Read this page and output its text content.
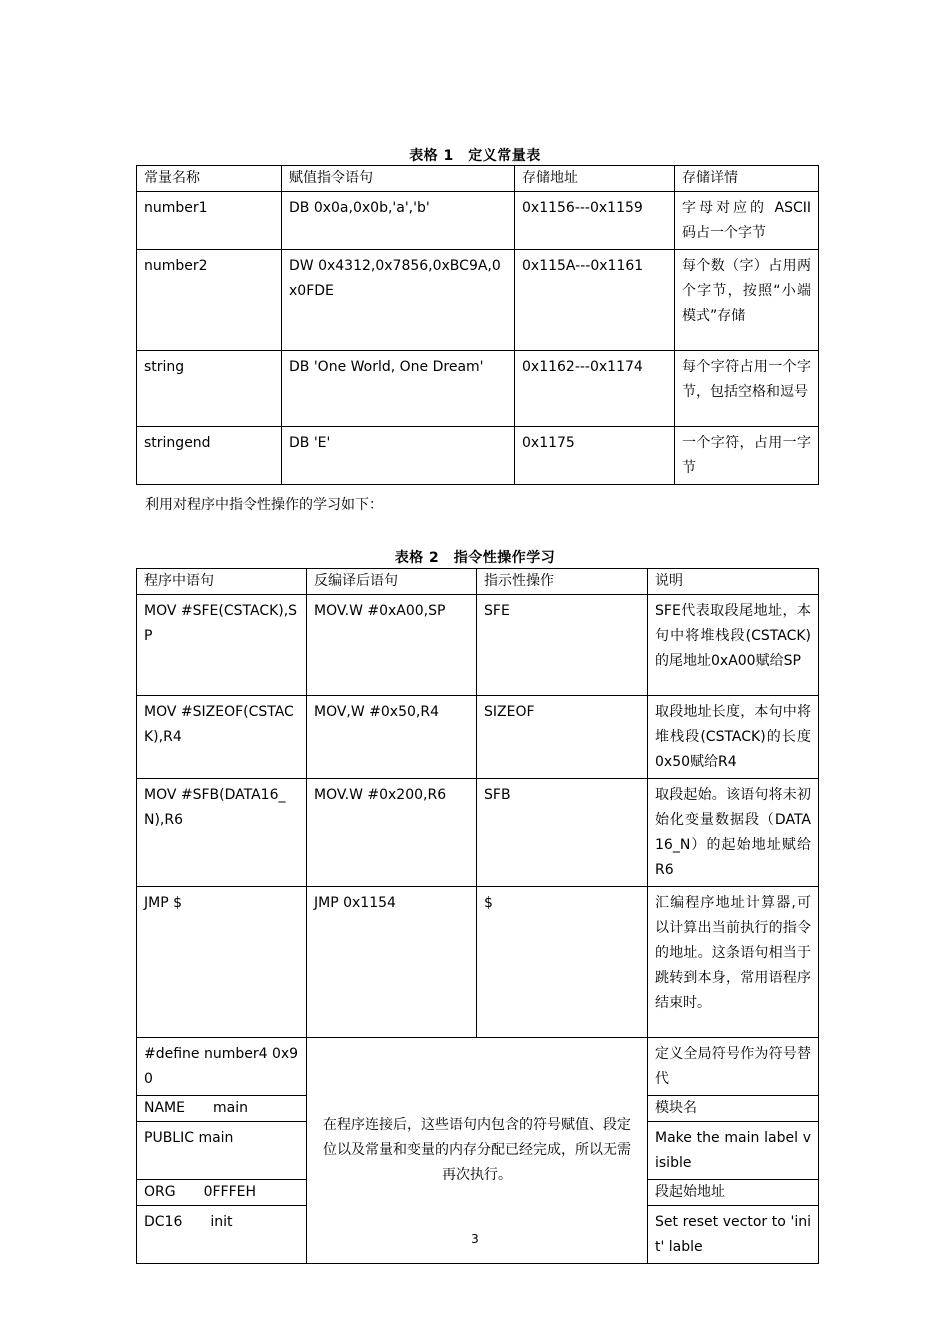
表格 1　定义常量表
常量名称	赋值指令语句	存储地址	存储详情
number1	DB 0x0a,0x0b,'a','b'	0x1156---0x1159	字母对应的 ASCII 码占一个字节
number2	DW 0x4312,0x7856,0xBC9A,0x0FDE	0x115A---0x1161	每个数（字）占用两个字节，按照“小端模式”存储
string	DB 'One World, One Dream'	0x1162---0x1174	每个字符占用一个字节，包括空格和逗号
stringend	DB 'E'	0x1175	一个字符，占用一字节
利用对程序中指令性操作的学习如下：
表格 2　指令性操作学习
程序中语句	反编译后语句	指示性操作	说明
MOV #SFE(CSTACK),SP	MOV.W #0xA00,SP	SFE	SFE代表取段尾地址，本句中将堆栈段(CSTACK)的尾地址0xA00赋给SP
MOV #SIZEOF(CSTACK),R4	MOV,W #0x50,R4	SIZEOF	取段地址长度，本句中将堆栈段(CSTACK)的长度0x50赋给R4
MOV #SFB(DATA16_N),R6	MOV.W #0x200,R6	SFB	取段起始。该语句将未初始化变量数据段（DATA16_N）的起始地址赋给R6
JMP $	JMP 0x1154	$	汇编程序地址计算器,可以计算出当前执行的指令的地址。这条语句相当于跳转到本身，常用语程序结束时。
#define number4 0x90	在程序连接后，这些语句内包含的符号赋值、段定位以及常量和变量的内存分配已经完成，所以无需再次执行。		定义全局符号作为符号替代
NAME　　main			模块名
PUBLIC main			Make the main label visible
ORG　　0FFFEH			段起始地址
DC16　　init			Set reset vector to 'init' lable
3
